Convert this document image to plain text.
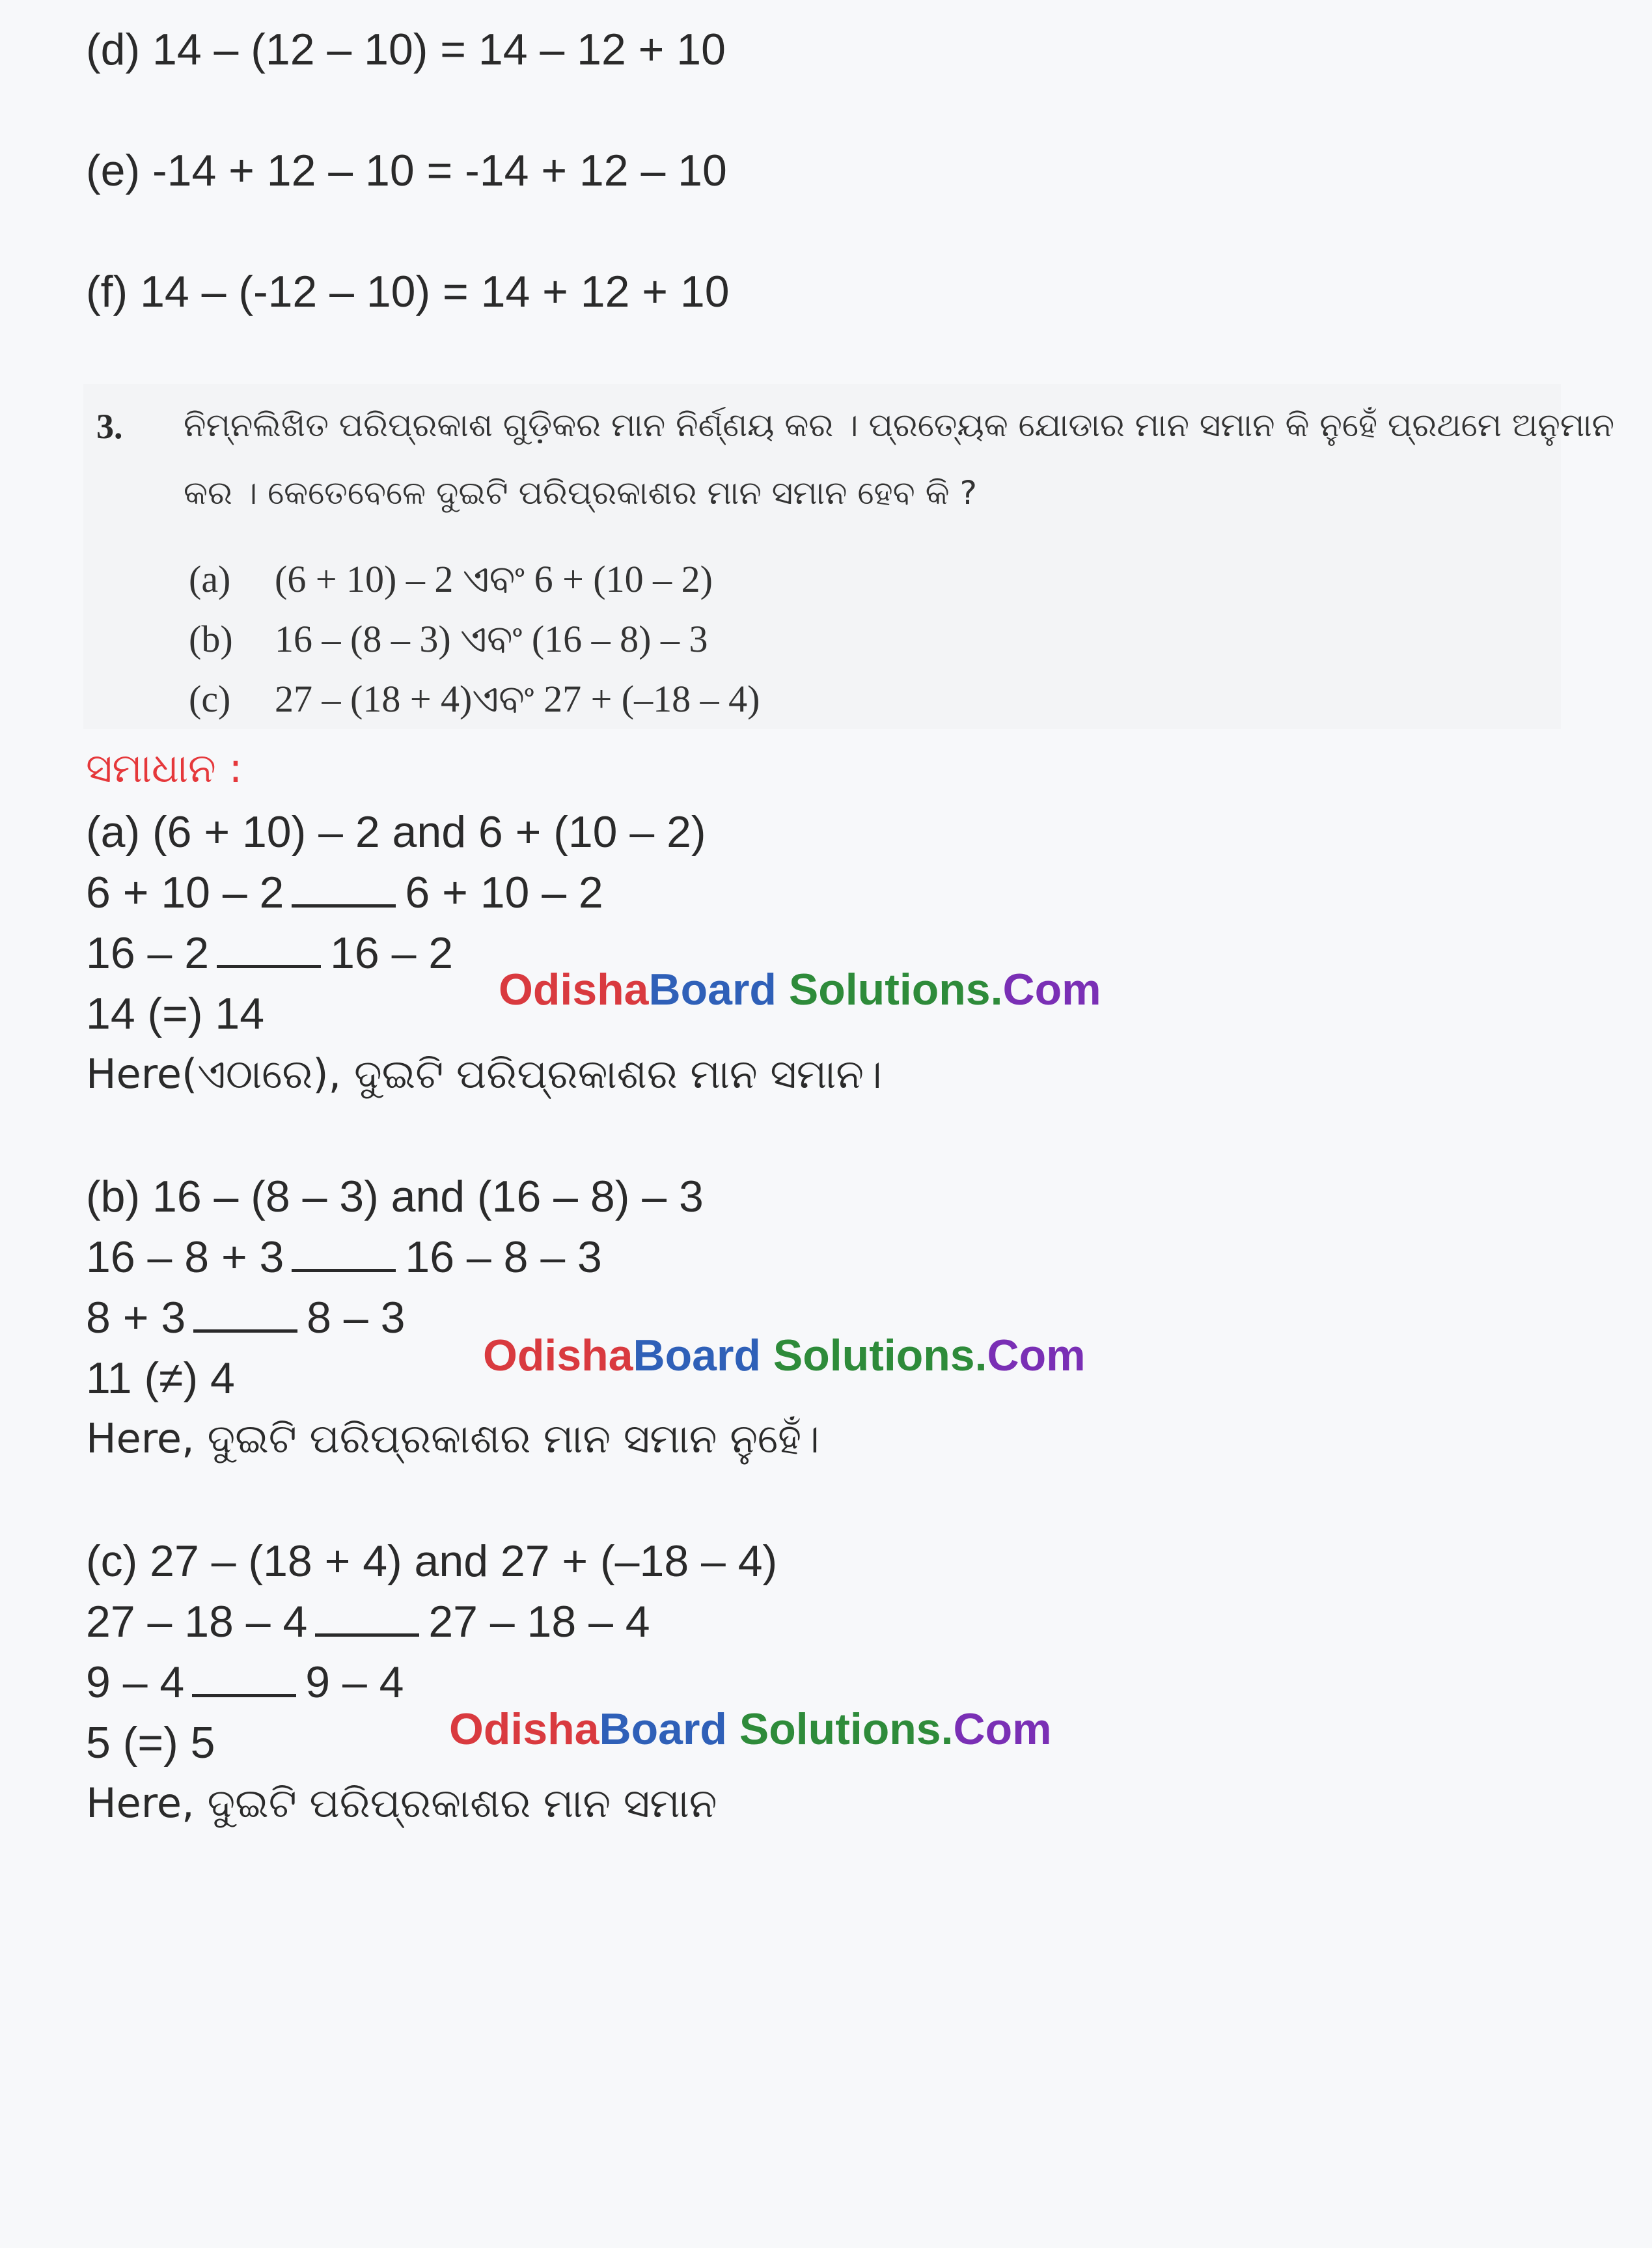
(d) 14 – (12 – 10) = 14 – 12 + 10

(e) -14 + 12 – 10 = -14 + 12 – 10

(f) 14 – (-12 – 10) = 14 + 12 + 10

3. ନିମ୍ନଲିଖିତ ପରିପ୍ରକାଶ ଗୁଡ଼ିକର ମାନ ନିର୍ଣ୍ଣୟ କର । ପ୍ରତ୍ୟେକ ଯୋଡାର ମାନ ସମାନ କି ନୁହେଁ ପ୍ରଥମେ ଅନୁମାନ

କର । କେତେବେଳେ ଦୁଇଟି ପରିପ୍ରକାଶର ମାନ ସମାନ ହେବ କି ?

(a) (6 + 10) – 2 ଏବଂ 6 + (10 – 2)

(b) 16 – (8 – 3) ଏବଂ (16 – 8) – 3

(c) 27 – (18 + 4)ଏବଂ 27 + (–18 – 4)

ସମାଧାନ :

(a) (6 + 10) – 2 and 6 + (10 – 2)

6 + 10 – 2	6 + 10 – 2

16 – 2	16 – 2

14 (=) 14

Here(ଏଠାରେ), ଦୁଇଟି ପରିପ୍ରକାଶର ମାନ ସମାନ।

OdishaBoard Solutions.Com

(b) 16 – (8 – 3) and (16 – 8) – 3

16 – 8 + 3	16 – 8 – 3

8 + 3	8 – 3

11 (≠) 4

Here, ଦୁଇଟି ପରିପ୍ରକାଶର ମାନ ସମାନ ନୁହେଁ।

OdishaBoard Solutions.Com

(c) 27 – (18 + 4) and 27 + (–18 – 4)

27 – 18 – 4	27 – 18 – 4

9 – 4	9 – 4

5 (=) 5

Here, ଦୁଇଟି ପରିପ୍ରକାଶର ମାନ ସମାନ

OdishaBoard Solutions.Com
